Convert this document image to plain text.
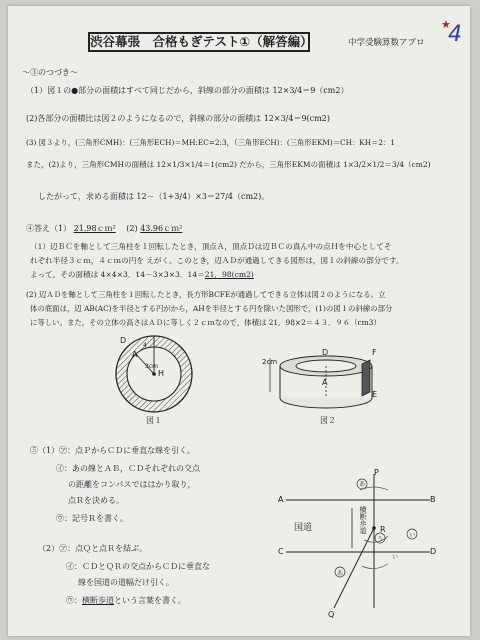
渋谷幕張　合格もぎテスト①（解答編）	中学受験算数アプロ
★
4
～③のつづき～
（1）図１の●部分の面積はすべて同じだから，斜線の部分の面積は 12×3/4＝9（cm2）
(2)各部分の面積比は図２のようになるので，斜線の部分の面積は 12×3/4＝9(cm2)
(3) 図３より，(三角形CMH)：(三角形ECH)＝MH:EC=2:3，（三角形ECH)：(三角形EKM)＝CH：KH＝2：1
また，(2)より，三角形CMHの面積は 12×1/3×1/4＝1(cm2) だから，三角形EKMの面積は 1×3/2×1/2＝3/4（cm2)
したがって，求める面積は 12－（1+3/4）×3＝27/4（cm2)。
④答え（1） 21.98ｃｍ² 　(2) 43.96ｃｍ²
（1）辺ＢＣを軸として三角柱を１回転したとき，頂点Ａ，頂点Ｄは辺ＢＣの真ん中の点Ｈを中心としてそ
れぞれ半径３ｃｍ，４ｃｍの円を えがく。このとき，辺ＡＤが通過してきる図形は，図１の斜線の部分です。
よって，その面積は 4×4×3．14－3×3×3．14＝21．98(cm2)
(2) 辺ＡＤを軸として三角柱を１回転したとき，長方形BCFEが通過してできる立体は図２のようになる。立
体の底面は，辺 AB(AC)を半径とする円がから，AHを半径とする円を除いた図形で，(1)の図１の斜線の部分
に等しい。また，その立体の高さはＡＤに等しく２ｃｍなので，体積は 21．98×2＝４３．９６（cm3）
D
A
H
3cm
4
図１
2cm
F
E
A
D
図２
⑤（1）㋐：点ＰからＣＤに垂直な線を引く。
㋑：あの線とＡＢ，ＣＤそれぞれの交点
の距離をコンパスでははかり取り，
点Ｒを決める。
㋒：記号Ｒを書く。
（2）㋐：点Ｑと点Ｒを結ぶ。
㋑：ＣＤとＱＲの交点からＣＤに垂直な
線を国道の道幅だけ引く。
㋒：横断歩道という言葉を書く。
P
A	B
C	D
R
Q
国道	横断歩道
あ
い
う
あ
い
